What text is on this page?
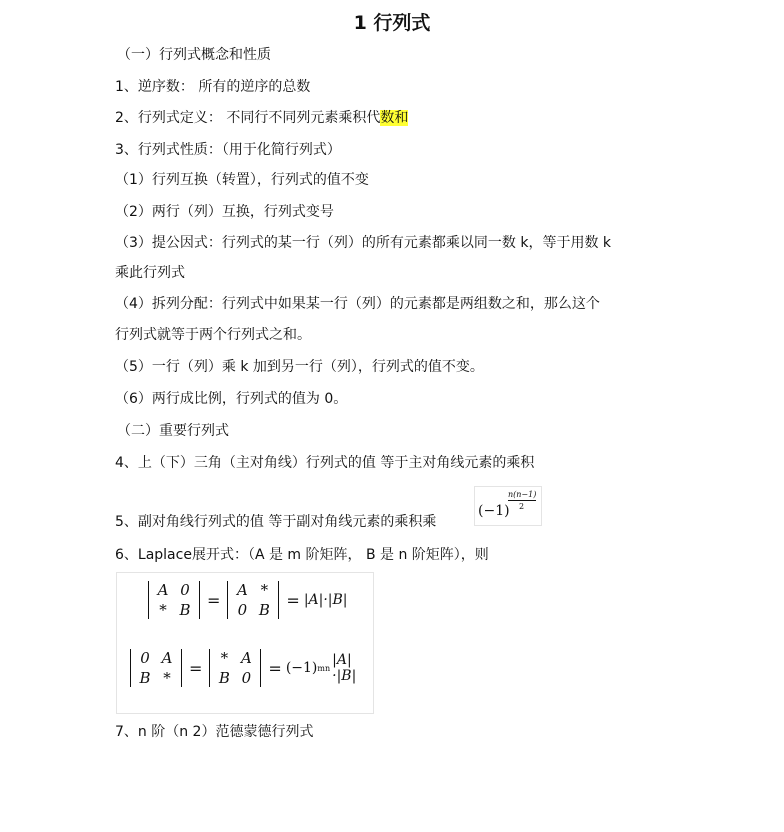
1 行列式
（一）行列式概念和性质
1、逆序数： 所有的逆序的总数
2、行列式定义： 不同行不同列元素乘积代数和
3、行列式性质：（用于化简行列式）
（1）行列互换（转置），行列式的值不变
（2）两行（列）互换，行列式变号
（3）提公因式：行列式的某一行（列）的所有元素都乘以同一数 k，等于用数 k
乘此行列式
（4）拆列分配：行列式中如果某一行（列）的元素都是两组数之和，那么这个
行列式就等于两个行列式之和。
（5）一行（列）乘 k 加到另一行（列），行列式的值不变。
（6）两行成比例，行列式的值为 0。
（二）重要行列式
4、上（下）三角（主对角线）行列式的值 等于主对角线元素的乘积
5、副对角线行列式的值 等于副对角线元素的乘积乘
(−1)
n(n−1)
2
6、Laplace展开式：（A 是 m 阶矩阵， B 是 n 阶矩阵），则
A 0
* B
=
A *
0 B
= |A|·|B|
0 A
B *
=
* A
B 0
= (−1) mn |A|·|B|
7、n 阶（n 2）范德蒙德行列式
